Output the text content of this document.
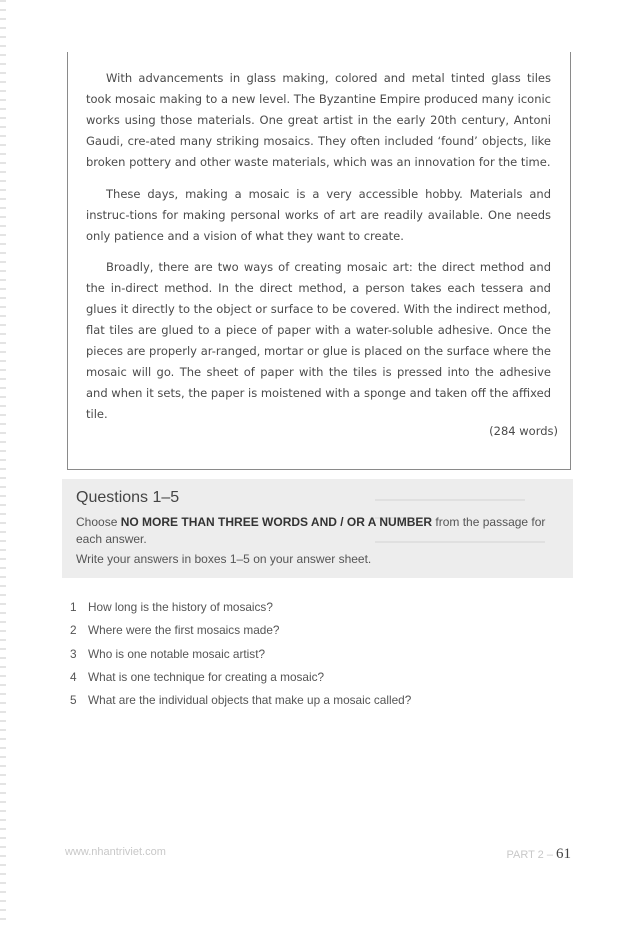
With advancements in glass making, colored and metal tinted glass tiles took mosaic making to a new level. The Byzantine Empire produced many iconic works using those materials. One great artist in the early 20th century, Antoni Gaudi, cre-ated many striking mosaics. They often included ‘found’ objects, like broken pottery and other waste materials, which was an innovation for the time.

These days, making a mosaic is a very accessible hobby. Materials and instruc-tions for making personal works of art are readily available. One needs only patience and a vision of what they want to create.

Broadly, there are two ways of creating mosaic art: the direct method and the in-direct method. In the direct method, a person takes each tessera and glues it directly to the object or surface to be covered. With the indirect method, flat tiles are glued to a piece of paper with a water-soluble adhesive. Once the pieces are properly ar-ranged, mortar or glue is placed on the surface where the mosaic will go. The sheet of paper with the tiles is pressed into the adhesive and when it sets, the paper is moistened with a sponge and taken off the affixed tile.

(284 words)
Questions 1–5

Choose NO MORE THAN THREE WORDS AND / OR A NUMBER from the passage for each answer.

Write your answers in boxes 1–5 on your answer sheet.

1 How long is the history of mosaics?
2 Where were the first mosaics made?
3 Who is one notable mosaic artist?
4 What is one technique for creating a mosaic?
5 What are the individual objects that make up a mosaic called?
www.nhantriviet.com	PART 2 – 61
